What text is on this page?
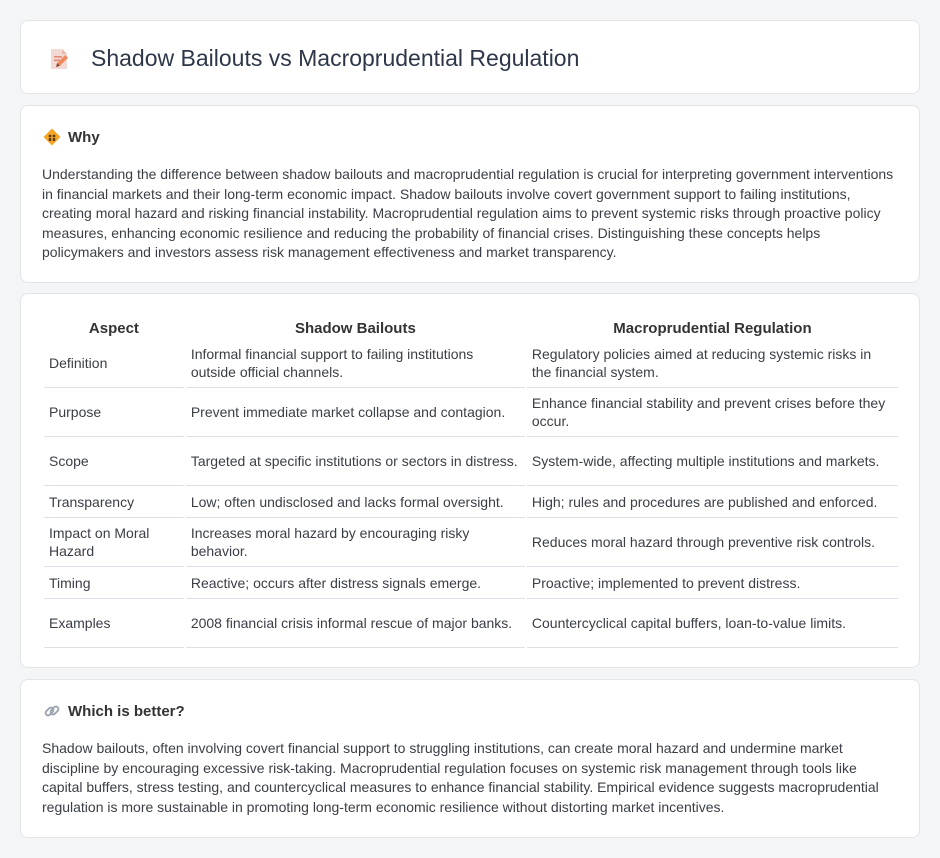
Shadow Bailouts vs Macroprudential Regulation
Why

Understanding the difference between shadow bailouts and macroprudential regulation is crucial for interpreting government interventions in financial markets and their long-term economic impact. Shadow bailouts involve covert government support to failing institutions, creating moral hazard and risking financial instability. Macroprudential regulation aims to prevent systemic risks through proactive policy measures, enhancing economic resilience and reducing the probability of financial crises. Distinguishing these concepts helps policymakers and investors assess risk management effectiveness and market transparency.

Aspect	Shadow Bailouts	Macroprudential Regulation
Definition	Informal financial support to failing institutions outside official channels.	Regulatory policies aimed at reducing systemic risks in the financial system.
Purpose	Prevent immediate market collapse and contagion.	Enhance financial stability and prevent crises before they occur.
Scope	Targeted at specific institutions or sectors in distress.	System-wide, affecting multiple institutions and markets.
Transparency	Low; often undisclosed and lacks formal oversight.	High; rules and procedures are published and enforced.
Impact on Moral Hazard	Increases moral hazard by encouraging risky behavior.	Reduces moral hazard through preventive risk controls.
Timing	Reactive; occurs after distress signals emerge.	Proactive; implemented to prevent distress.
Examples	2008 financial crisis informal rescue of major banks.	Countercyclical capital buffers, loan-to-value limits.
Which is better?

Shadow bailouts, often involving covert financial support to struggling institutions, can create moral hazard and undermine market discipline by encouraging excessive risk-taking. Macroprudential regulation focuses on systemic risk management through tools like capital buffers, stress testing, and countercyclical measures to enhance financial stability. Empirical evidence suggests macroprudential regulation is more sustainable in promoting long-term economic resilience without distorting market incentives.
